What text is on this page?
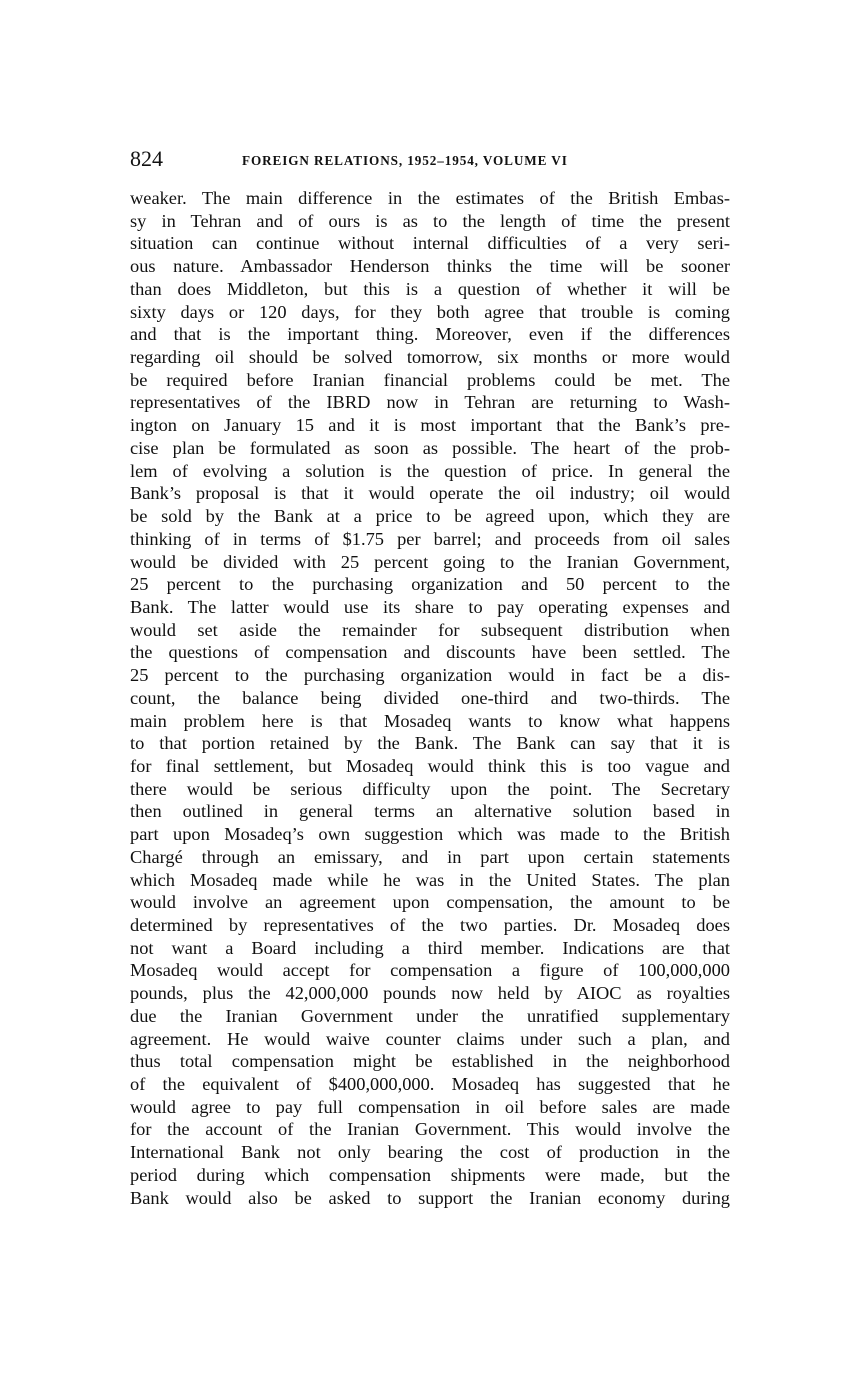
824	FOREIGN RELATIONS, 1952–1954, VOLUME VI
weaker. The main difference in the estimates of the British Embas-
sy in Tehran and of ours is as to the length of time the present
situation can continue without internal difficulties of a very seri-
ous nature. Ambassador Henderson thinks the time will be sooner
than does Middleton, but this is a question of whether it will be
sixty days or 120 days, for they both agree that trouble is coming
and that is the important thing. Moreover, even if the differences
regarding oil should be solved tomorrow, six months or more would
be required before Iranian financial problems could be met. The
representatives of the IBRD now in Tehran are returning to Wash-
ington on January 15 and it is most important that the Bank’s pre-
cise plan be formulated as soon as possible. The heart of the prob-
lem of evolving a solution is the question of price. In general the
Bank’s proposal is that it would operate the oil industry; oil would
be sold by the Bank at a price to be agreed upon, which they are
thinking of in terms of $1.75 per barrel; and proceeds from oil sales
would be divided with 25 percent going to the Iranian Government,
25 percent to the purchasing organization and 50 percent to the
Bank. The latter would use its share to pay operating expenses and
would set aside the remainder for subsequent distribution when
the questions of compensation and discounts have been settled. The
25 percent to the purchasing organization would in fact be a dis-
count, the balance being divided one-third and two-thirds. The
main problem here is that Mosadeq wants to know what happens
to that portion retained by the Bank. The Bank can say that it is
for final settlement, but Mosadeq would think this is too vague and
there would be serious difficulty upon the point. The Secretary
then outlined in general terms an alternative solution based in
part upon Mosadeq’s own suggestion which was made to the British
Chargé through an emissary, and in part upon certain statements
which Mosadeq made while he was in the United States. The plan
would involve an agreement upon compensation, the amount to be
determined by representatives of the two parties. Dr. Mosadeq does
not want a Board including a third member. Indications are that
Mosadeq would accept for compensation a figure of 100,000,000
pounds, plus the 42,000,000 pounds now held by AIOC as royalties
due the Iranian Government under the unratified supplementary
agreement. He would waive counter claims under such a plan, and
thus total compensation might be established in the neighborhood
of the equivalent of $400,000,000. Mosadeq has suggested that he
would agree to pay full compensation in oil before sales are made
for the account of the Iranian Government. This would involve the
International Bank not only bearing the cost of production in the
period during which compensation shipments were made, but the
Bank would also be asked to support the Iranian economy during
